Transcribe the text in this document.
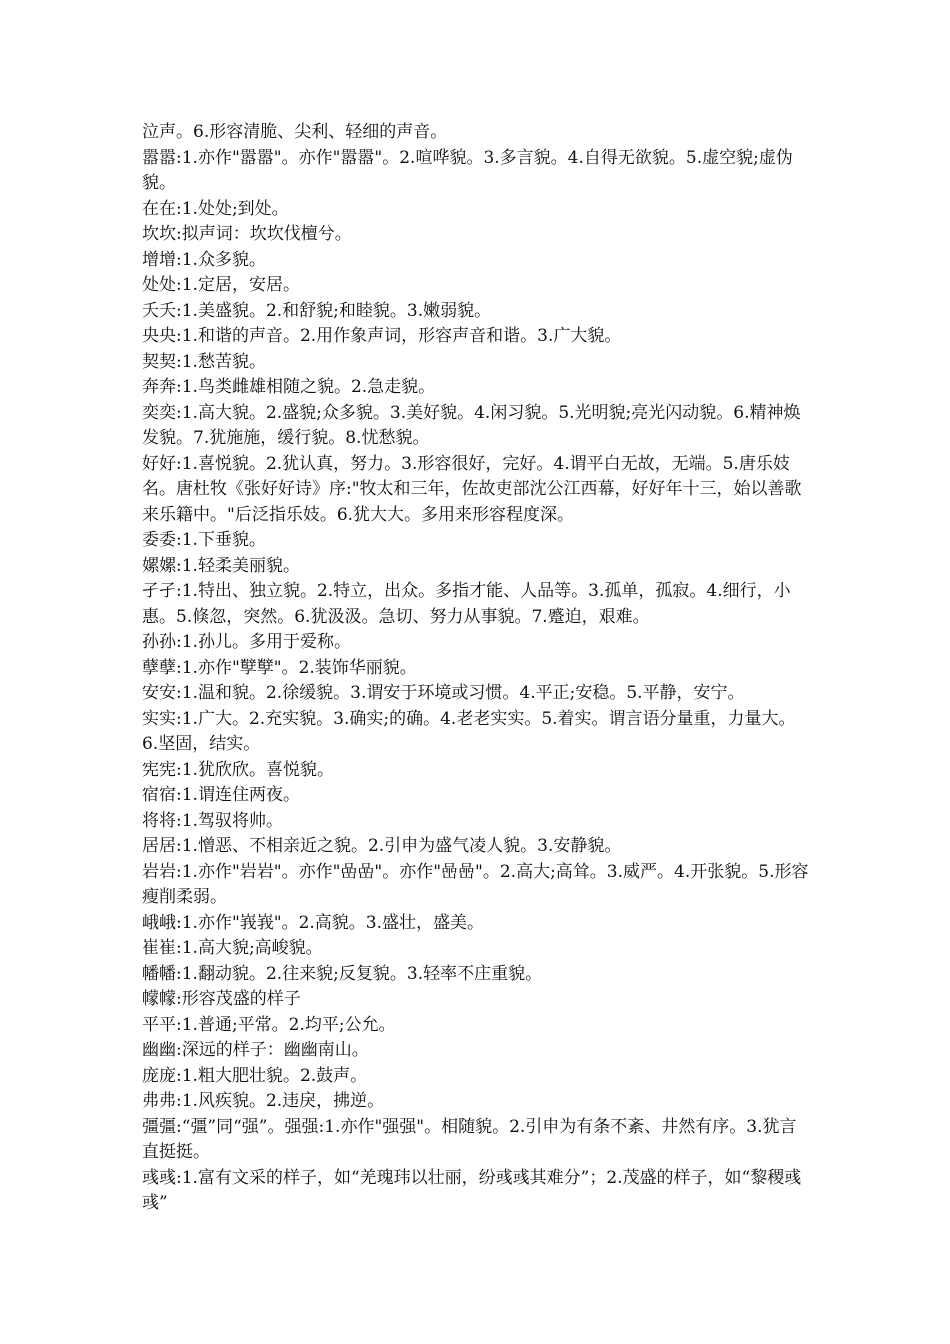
泣声。6.形容清脆、尖利、轻细的声音。

嚣嚣:1.亦作"嚣嚣"。亦作"嚣嚣"。2.喧哗貌。3.多言貌。4.自得无欲貌。5.虚空貌;虚伪貌。

在在:1.处处;到处。

坎坎:拟声词：坎坎伐檀兮。

增增:1.众多貌。

处处:1.定居，安居。

夭夭:1.美盛貌。2.和舒貌;和睦貌。3.嫩弱貌。

央央:1.和谐的声音。2.用作象声词，形容声音和谐。3.广大貌。

契契:1.愁苦貌。

奔奔:1.鸟类雌雄相随之貌。2.急走貌。

奕奕:1.高大貌。2.盛貌;众多貌。3.美好貌。4.闲习貌。5.光明貌;亮光闪动貌。6.精神焕发貌。7.犹施施，缓行貌。8.忧愁貌。

好好:1.喜悦貌。2.犹认真，努力。3.形容很好，完好。4.谓平白无故，无端。5.唐乐妓名。唐杜牧《张好好诗》序:"牧太和三年，佐故吏部沈公江西幕，好好年十三，始以善歌来乐籍中。"后泛指乐妓。6.犹大大。多用来形容程度深。

委委:1.下垂貌。

嫘嫘:1.轻柔美丽貌。

孑孑:1.特出、独立貌。2.特立，出众。多指才能、人品等。3.孤单，孤寂。4.细行，小惠。5.倏忽，突然。6.犹汲汲。急切、努力从事貌。7.蹙迫，艰难。

孙孙:1.孙儿。多用于爱称。

孽孽:1.亦作"孼孼"。2.装饰华丽貌。

安安:1.温和貌。2.徐缓貌。3.谓安于环境或习惯。4.平正;安稳。5.平静，安宁。

实实:1.广大。2.充实貌。3.确实;的确。4.老老实实。5.着实。谓言语分量重，力量大。6.坚固，结实。

宪宪:1.犹欣欣。喜悦貌。

宿宿:1.谓连住两夜。

将将:1.驾驭将帅。

居居:1.憎恶、不相亲近之貌。2.引申为盛气凌人貌。3.安静貌。

岩岩:1.亦作"岩岩"。亦作"嵒嵒"。亦作"喦喦"。2.高大;高耸。3.威严。4.开张貌。5.形容瘦削柔弱。

峨峨:1.亦作"峩峩"。2.高貌。3.盛壮，盛美。

崔崔:1.高大貌;高峻貌。

幡幡:1.翻动貌。2.往来貌;反复貌。3.轻率不庄重貌。

幪幪:形容茂盛的样子

平平:1.普通;平常。2.均平;公允。

幽幽:深远的样子：幽幽南山。

庞庞:1.粗大肥壮貌。2.鼓声。

弗弗:1.风疾貌。2.违戾，拂逆。

彊彊:“彊”同“强”。强强:1.亦作"强强"。相随貌。2.引申为有条不紊、井然有序。3.犹言直挺挺。

彧彧:1.富有文采的样子，如“羌瑰玮以壮丽，纷彧彧其难分”；2.茂盛的样子，如“黎稷彧彧”
